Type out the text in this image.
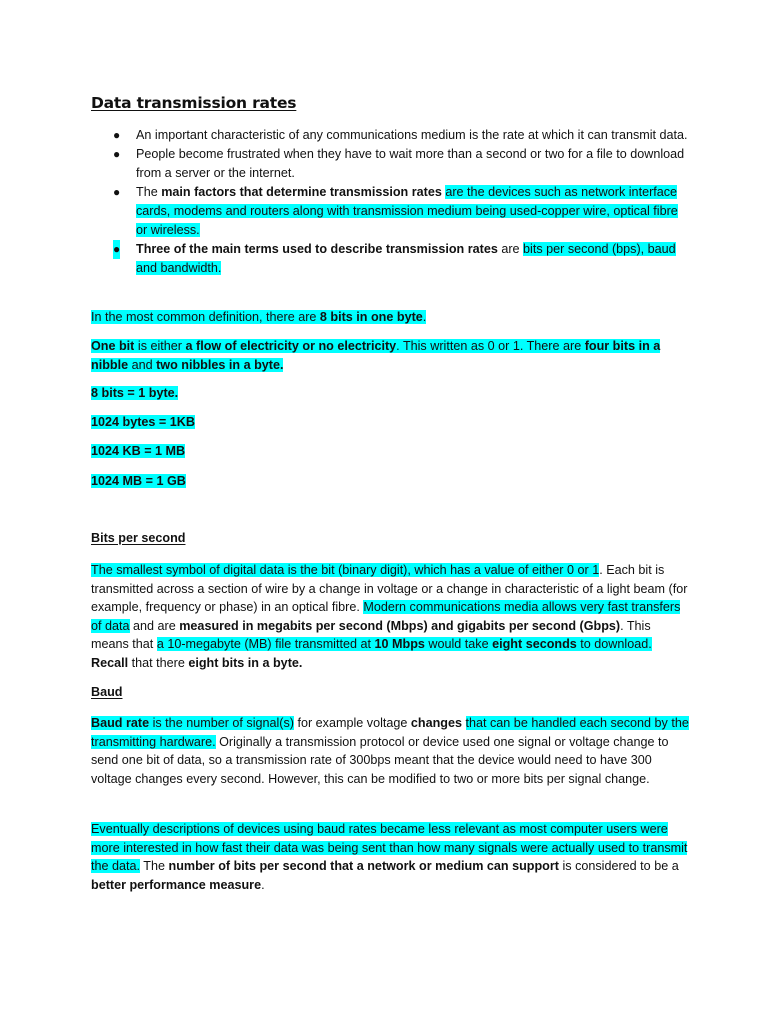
Data transmission rates
● An important characteristic of any communications medium is the rate at which it can transmit data.
● People become frustrated when they have to wait more than a second or two for a file to download from a server or the internet.
● The main factors that determine transmission rates are the devices such as network interface cards, modems and routers along with transmission medium being used-copper wire, optical fibre or wireless.
● Three of the main terms used to describe transmission rates are bits per second (bps), baud and bandwidth.

In the most common definition, there are 8 bits in one byte.

One bit is either a flow of electricity or no electricity. This written as 0 or 1. There are four bits in a nibble and two nibbles in a byte.

8 bits = 1 byte.

1024 bytes = 1KB

1024 KB = 1 MB

1024 MB = 1 GB

Bits per second

The smallest symbol of digital data is the bit (binary digit), which has a value of either 0 or 1. Each bit is transmitted across a section of wire by a change in voltage or a change in characteristic of a light beam (for example, frequency or phase) in an optical fibre. Modern communications media allows very fast transfers of data and are measured in megabits per second (Mbps) and gigabits per second (Gbps). This means that a 10-megabyte (MB) file transmitted at 10 Mbps would take eight seconds to download. Recall that there eight bits in a byte.

Baud

Baud rate is the number of signal(s) for example voltage changes that can be handled each second by the transmitting hardware. Originally a transmission protocol or device used one signal or voltage change to send one bit of data, so a transmission rate of 300bps meant that the device would need to have 300 voltage changes every second. However, this can be modified to two or more bits per signal change.

Eventually descriptions of devices using baud rates became less relevant as most computer users were more interested in how fast their data was being sent than how many signals were actually used to transmit the data. The number of bits per second that a network or medium can support is considered to be a better performance measure.
